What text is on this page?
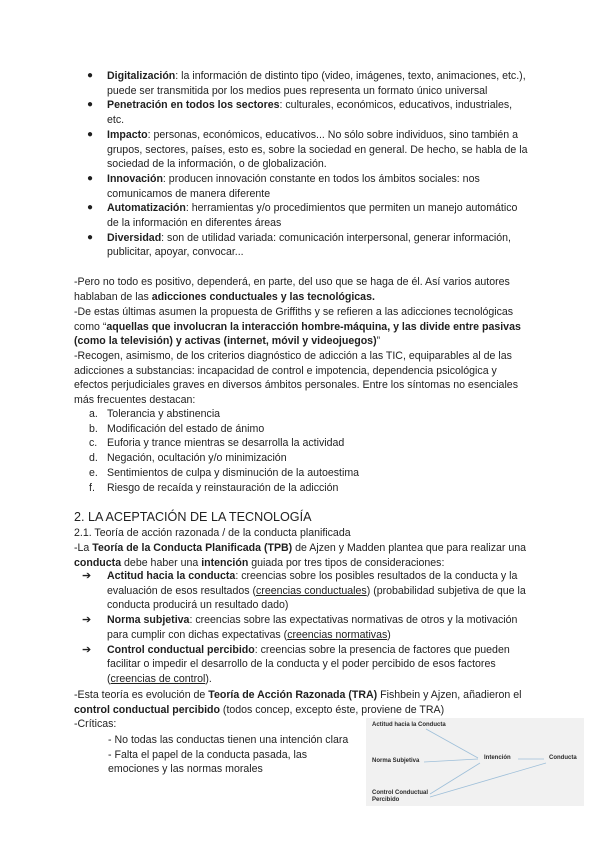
●	Digitalización: la información de distinto tipo (video, imágenes, texto, animaciones, etc.), puede ser transmitida por los medios pues representa un formato único universal
●	Penetración en todos los sectores: culturales, económicos, educativos, industriales, etc.
●	Impacto: personas, económicos, educativos... No sólo sobre individuos, sino también a grupos, sectores, países, esto es, sobre la sociedad en general. De hecho, se habla de la sociedad de la información, o de globalización.
●	Innovación: producen innovación constante en todos los ámbitos sociales: nos comunicamos de manera diferente
●	Automatización: herramientas y/o procedimientos que permiten un manejo automático de la información en diferentes áreas
●	Diversidad: son de utilidad variada: comunicación interpersonal, generar información, publicitar, apoyar, convocar...
-Pero no todo es positivo, dependerá, en parte, del uso que se haga de él. Así varios autores hablaban de las adicciones conductuales y las tecnológicas.
-De estas últimas asumen la propuesta de Griffiths y se refieren a las adicciones tecnológicas como “aquellas que involucran la interacción hombre-máquina, y las divide entre pasivas (como la televisión) y activas (internet, móvil y videojuegos)”
-Recogen, asimismo, de los criterios diagnóstico de adicción a las TIC, equiparables al de las adicciones a substancias: incapacidad de control e impotencia, dependencia psicológica y efectos perjudiciales graves en diversos ámbitos personales. Entre los síntomas no esenciales más frecuentes destacan:
a. Tolerancia y abstinencia
b. Modificación del estado de ánimo
c. Euforia y trance mientras se desarrolla la actividad
d. Negación, ocultación y/o minimización
e. Sentimientos de culpa y disminución de la autoestima
f.	Riesgo de recaída y reinstauración de la adicción
2. LA ACEPTACIÓN DE LA TECNOLOGÍA
2.1. Teoría de acción razonada / de la conducta planificada
-La Teoría de la Conducta Planificada (TPB) de Ajzen y Madden plantea que para realizar una conducta debe haber una intención guiada por tres tipos de consideraciones:
➔	Actitud hacia la conducta: creencias sobre los posibles resultados de la conducta y la evaluación de esos resultados (creencias conductuales) (probabilidad subjetiva de que la conducta producirá un resultado dado)
➔	Norma subjetiva: creencias sobre las expectativas normativas de otros y la motivación para cumplir con dichas expectativas (creencias normativas)
➔	Control conductual percibido: creencias sobre la presencia de factores que pueden facilitar o impedir el desarrollo de la conducta y el poder percibido de esos factores (creencias de control).
-Esta teoría es evolución de Teoría de Acción Razonada (TRA) Fishbein y Ajzen, añadieron el control conductual percibido (todos concep, excepto éste, proviene de TRA)
-Críticas:
- No todas las conductas tienen una intención clara
- Falta el papel de la conducta pasada, las emociones y las normas morales
Actitud hacia la Conducta
Norma Subjetiva
Control Conductual Percibido
Intención	Conducta
